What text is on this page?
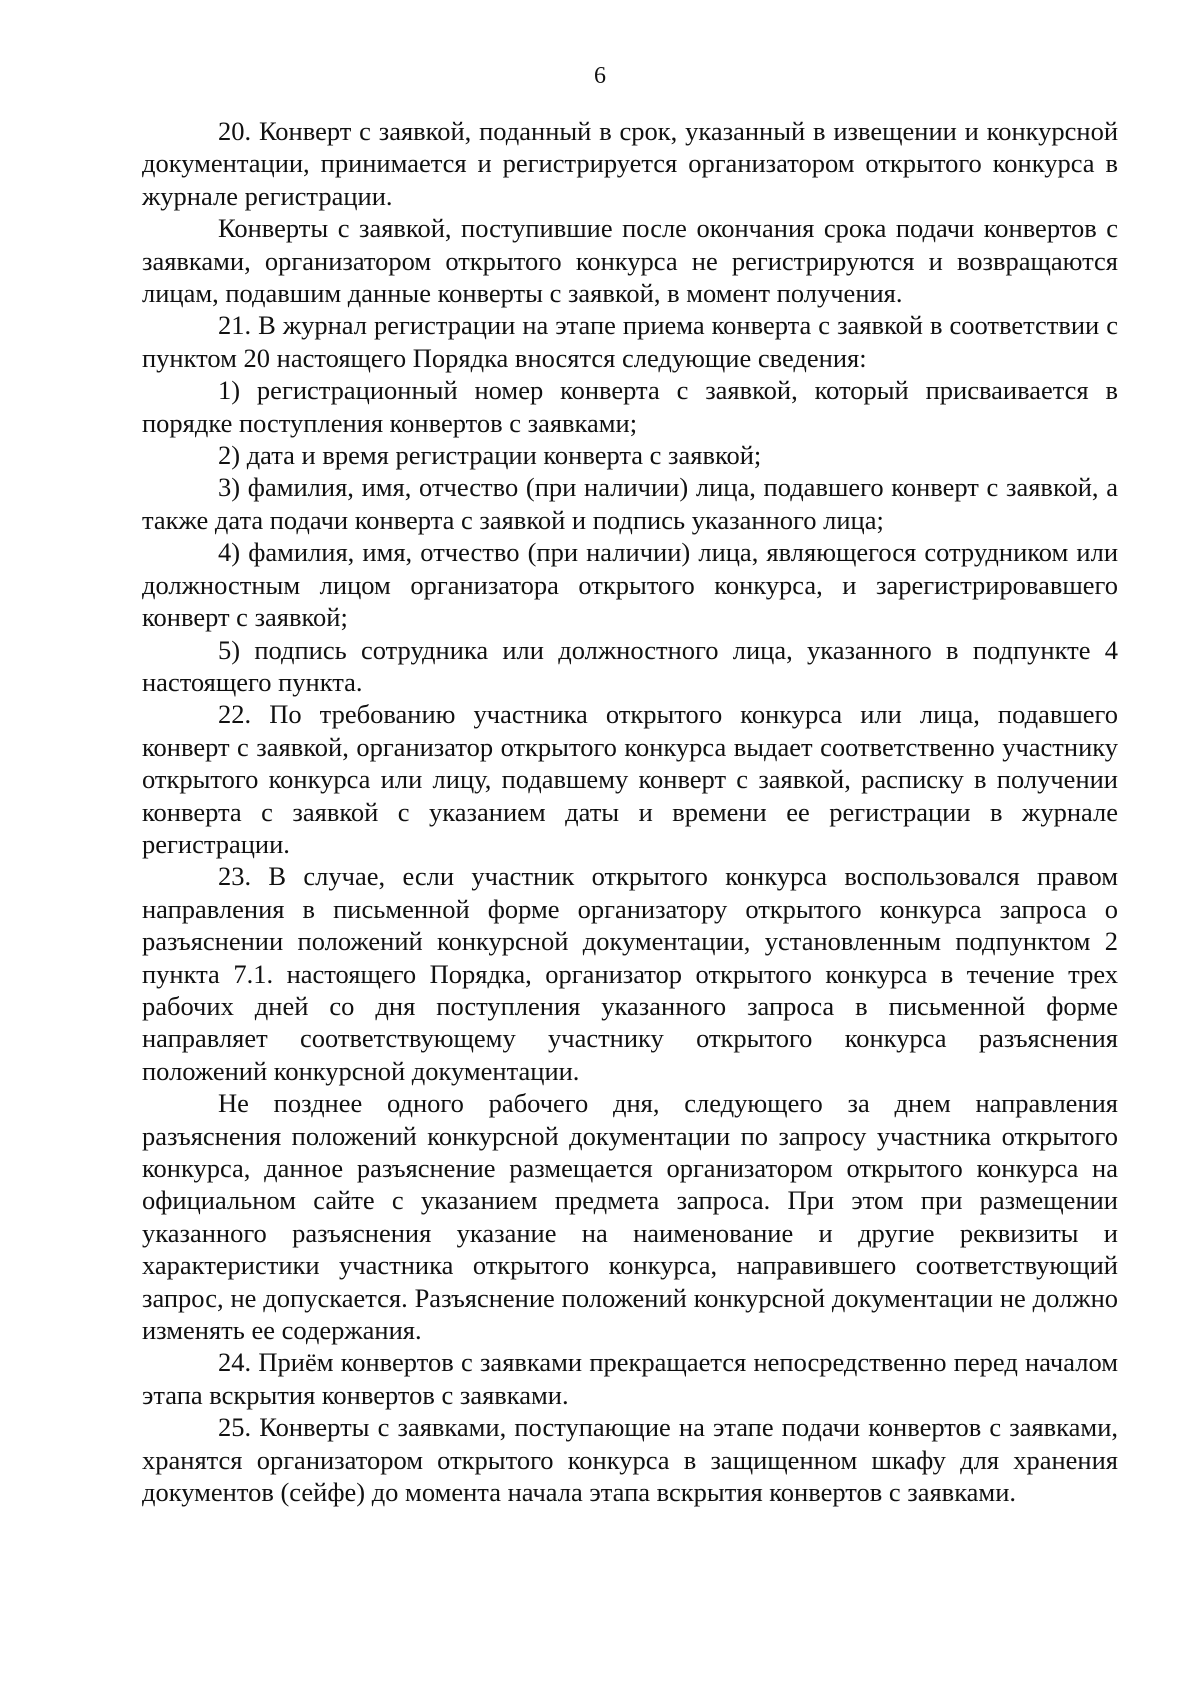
6

20. Конверт с заявкой, поданный в срок, указанный в извещении и конкурсной документации, принимается и регистрируется организатором открытого конкурса в журнале регистрации.

Конверты с заявкой, поступившие после окончания срока подачи конвертов с заявками, организатором открытого конкурса не регистрируются и возвращаются лицам, подавшим данные конверты с заявкой, в момент получения.

21. В журнал регистрации на этапе приема конверта с заявкой в соответствии с пунктом 20 настоящего Порядка вносятся следующие сведения:

1) регистрационный номер конверта с заявкой, который присваивается в порядке поступления конвертов с заявками;

2) дата и время регистрации конверта с заявкой;

3) фамилия, имя, отчество (при наличии) лица, подавшего конверт с заявкой, а также дата подачи конверта с заявкой и подпись указанного лица;

4) фамилия, имя, отчество (при наличии) лица, являющегося сотрудником или должностным лицом организатора открытого конкурса, и зарегистрировавшего конверт с заявкой;

5) подпись сотрудника или должностного лица, указанного в подпункте 4 настоящего пункта.

22. По требованию участника открытого конкурса или лица, подавшего конверт с заявкой, организатор открытого конкурса выдает соответственно участнику открытого конкурса или лицу, подавшему конверт с заявкой, расписку в получении конверта с заявкой с указанием даты и времени ее регистрации в журнале регистрации.

23. В случае, если участник открытого конкурса воспользовался правом направления в письменной форме организатору открытого конкурса запроса о разъяснении положений конкурсной документации, установленным подпунктом 2 пункта 7.1. настоящего Порядка, организатор открытого конкурса в течение трех рабочих дней со дня поступления указанного запроса в письменной форме направляет соответствующему участнику открытого конкурса разъяснения положений конкурсной документации.

Не позднее одного рабочего дня, следующего за днем направления разъяснения положений конкурсной документации по запросу участника открытого конкурса, данное разъяснение размещается организатором открытого конкурса на официальном сайте с указанием предмета запроса. При этом при размещении указанного разъяснения указание на наименование и другие реквизиты и характеристики участника открытого конкурса, направившего соответствующий запрос, не допускается. Разъяснение положений конкурсной документации не должно изменять ее содержания.

24. Приём конвертов с заявками прекращается непосредственно перед началом этапа вскрытия конвертов с заявками.

25. Конверты с заявками, поступающие на этапе подачи конвертов с заявками, хранятся организатором открытого конкурса в защищенном шкафу для хранения документов (сейфе) до момента начала этапа вскрытия конвертов с заявками.
